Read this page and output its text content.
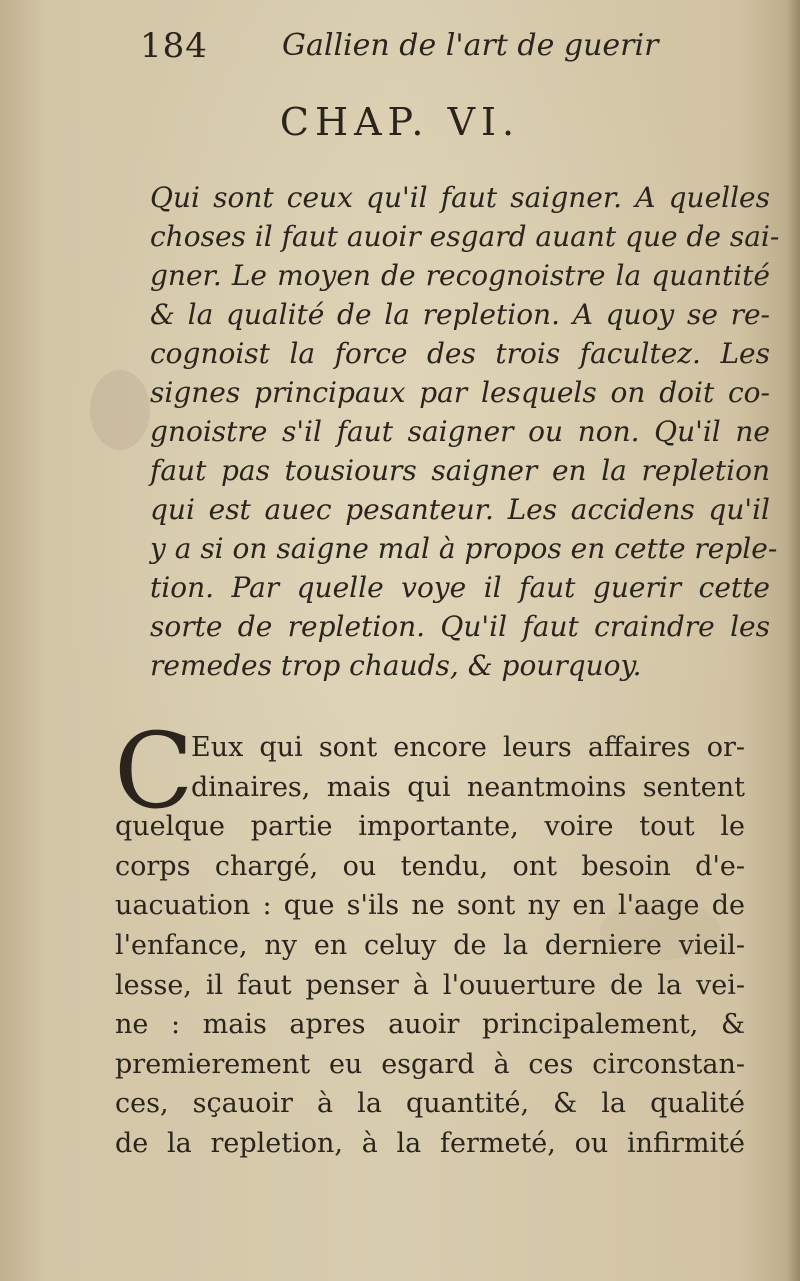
184 Gallien de l'art de guerir
CHAP. VI.
Qui sont ceux qu'il faut saigner. A quelles
choses il faut auoir esgard auant que de sai-
gner. Le moyen de recognoistre la quantité
& la qualité de la repletion. A quoy se re-
cognoist la force des trois facultez. Les
signes principaux par lesquels on doit co-
gnoistre s'il faut saigner ou non. Qu'il ne
faut pas tousiours saigner en la repletion
qui est auec pesanteur. Les accidens qu'il
y a si on saigne mal à propos en cette reple-
tion. Par quelle voye il faut guerir cette
sorte de repletion. Qu'il faut craindre les
remedes trop chauds, & pourquoy.
C
Eux qui sont encore leurs affaires or-
dinaires, mais qui neantmoins sentent
quelque partie importante, voire tout le
corps chargé, ou tendu, ont besoin d'e-
uacuation : que s'ils ne sont ny en l'aage de
l'enfance, ny en celuy de la derniere vieil-
lesse, il faut penser à l'ouuerture de la vei-
ne : mais apres auoir principalement, &
premierement eu esgard à ces circonstan-
ces, sçauoir à la quantité, & la qualité
de la repletion, à la fermeté, ou infirmité
